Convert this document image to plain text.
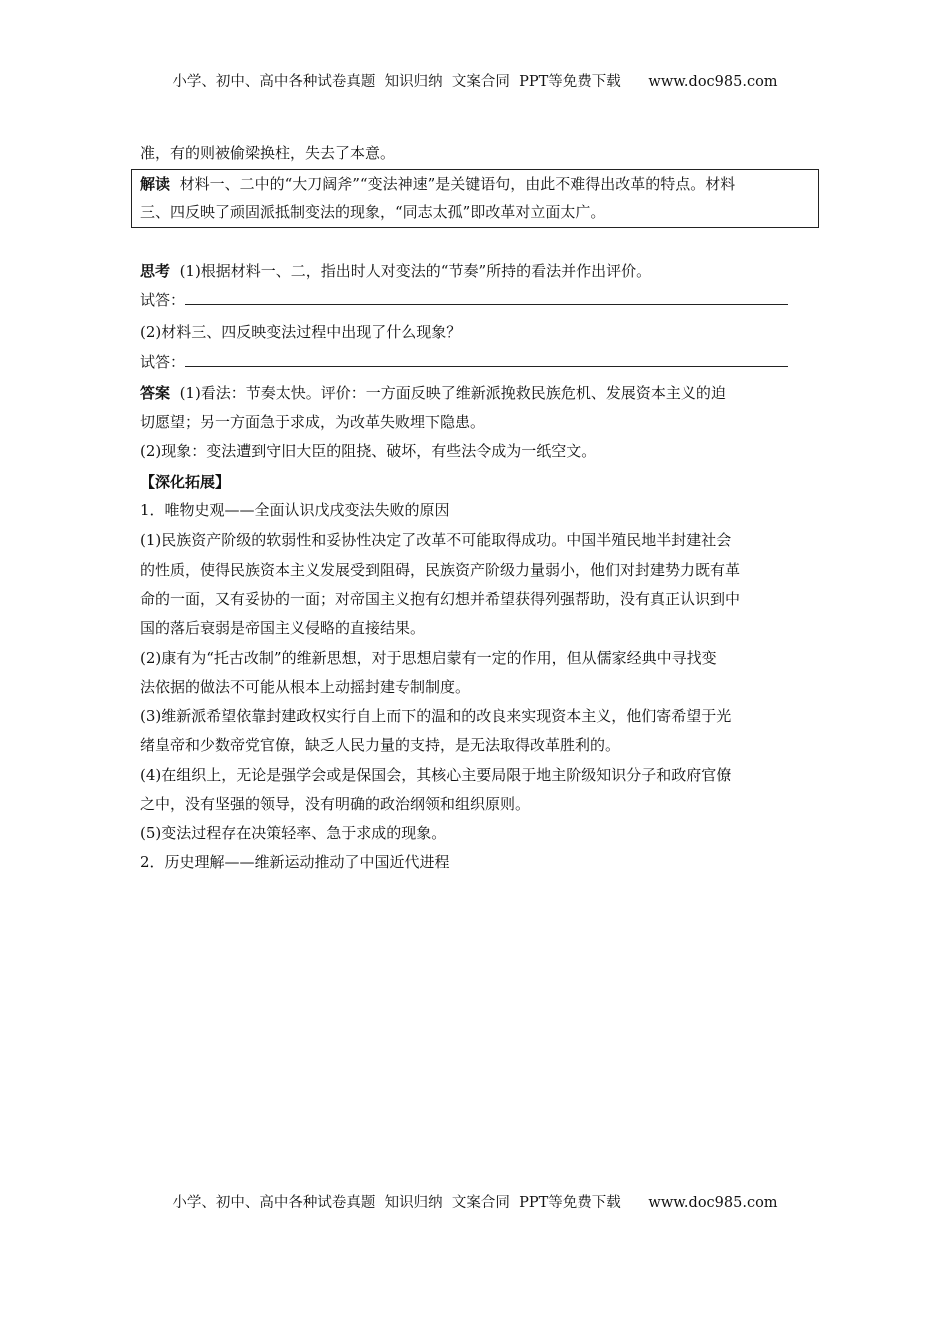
小学、初中、高中各种试卷真题  知识归纳  文案合同  PPT等免费下载      www.doc985.com
准，有的则被偷梁换柱，失去了本意。
解读 材料一、二中的“大刀阔斧”“变法神速”是关键语句，由此不难得出改革的特点。材料
三、四反映了顽固派抵制变法的现象，“同志太孤”即改革对立面太广。
思考 (1)根据材料一、二，指出时人对变法的“节奏”所持的看法并作出评价。
试答：
(2)材料三、四反映变法过程中出现了什么现象？
试答：
答案 (1)看法：节奏太快。评价：一方面反映了维新派挽救民族危机、发展资本主义的迫
切愿望；另一方面急于求成，为改革失败埋下隐患。
(2)现象：变法遭到守旧大臣的阻挠、破坏，有些法令成为一纸空文。
【深化拓展】
1．唯物史观——全面认识戊戌变法失败的原因
(1)民族资产阶级的软弱性和妥协性决定了改革不可能取得成功。中国半殖民地半封建社会
的性质，使得民族资本主义发展受到阻碍，民族资产阶级力量弱小，他们对封建势力既有革
命的一面，又有妥协的一面；对帝国主义抱有幻想并希望获得列强帮助，没有真正认识到中
国的落后衰弱是帝国主义侵略的直接结果。
(2)康有为“托古改制”的维新思想，对于思想启蒙有一定的作用，但从儒家经典中寻找变
法依据的做法不可能从根本上动摇封建专制制度。
(3)维新派希望依靠封建政权实行自上而下的温和的改良来实现资本主义，他们寄希望于光
绪皇帝和少数帝党官僚，缺乏人民力量的支持，是无法取得改革胜利的。
(4)在组织上，无论是强学会或是保国会，其核心主要局限于地主阶级知识分子和政府官僚
之中，没有坚强的领导，没有明确的政治纲领和组织原则。
(5)变法过程存在决策轻率、急于求成的现象。
2．历史理解——维新运动推动了中国近代进程
小学、初中、高中各种试卷真题  知识归纳  文案合同  PPT等免费下载      www.doc985.com
